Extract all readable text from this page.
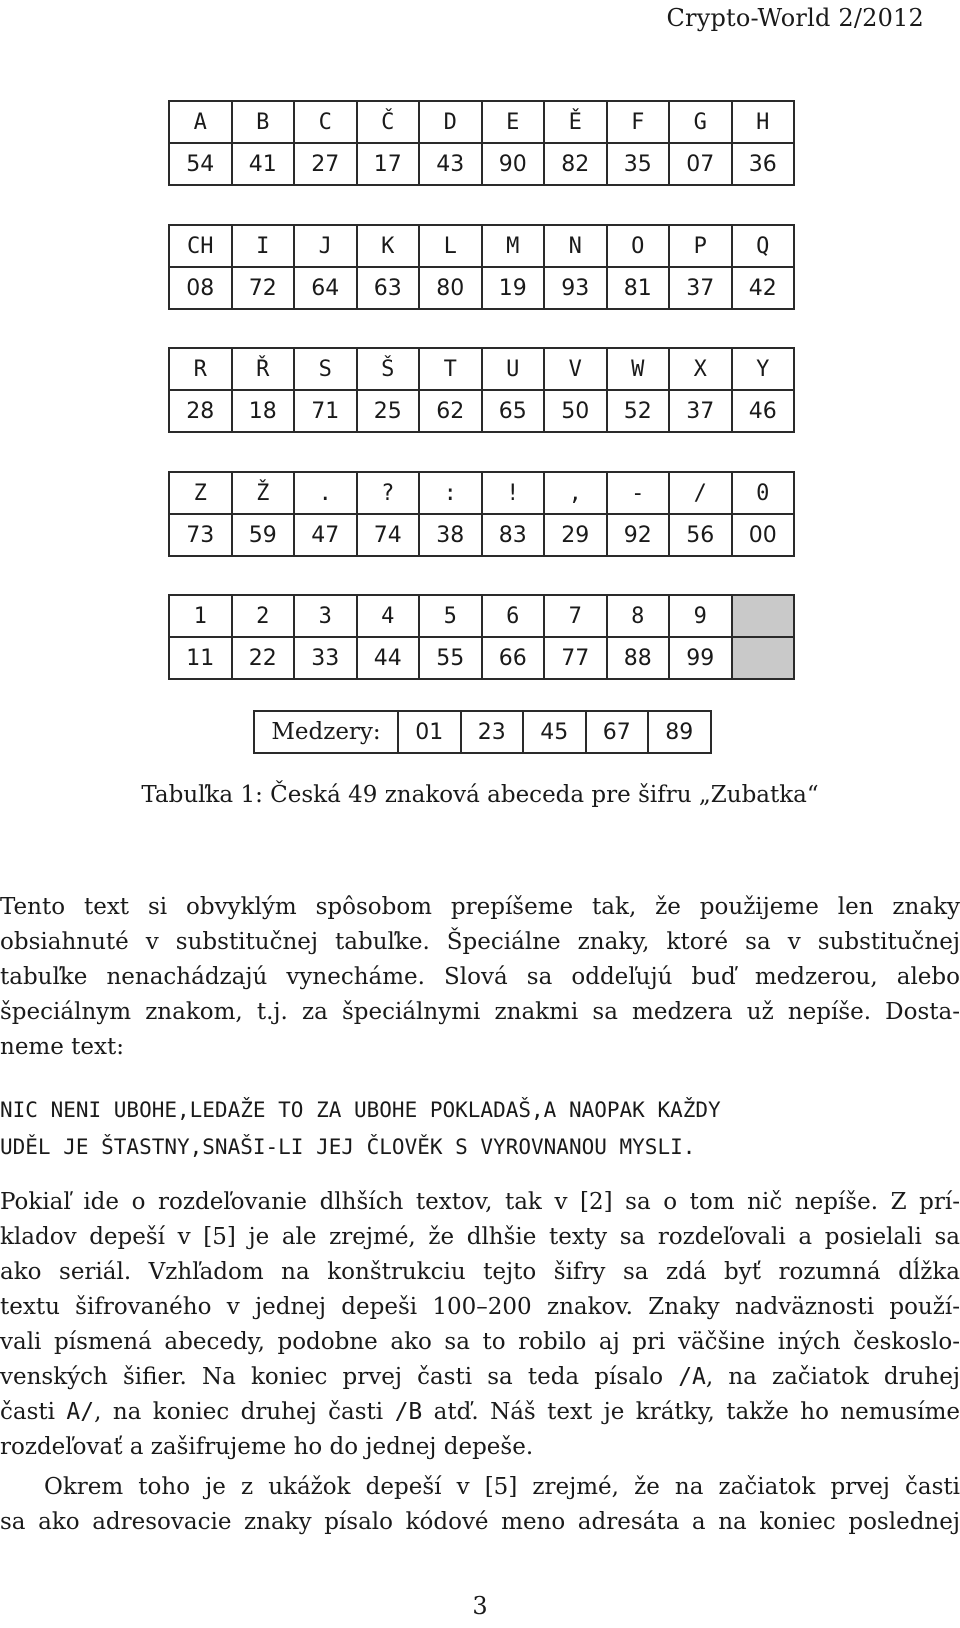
Crypto-World 2/2012
A	B	C	Č	D	E	Ě	F	G	H
54	41	27	17	43	90	82	35	07	36
CH	I	J	K	L	M	N	O	P	Q
08	72	64	63	80	19	93	81	37	42
R	Ř	S	Š	T	U	V	W	X	Y
28	18	71	25	62	65	50	52	37	46
Z	Ž	.	?	:	!	,	-	/	0
73	59	47	74	38	83	29	92	56	00
1	2	3	4	5	6	7	8	9	
11	22	33	44	55	66	77	88	99	
Medzery:	01	23	45	67	89
Tabuľka 1: Česká 49 znaková abeceda pre šifru „Zubatka“
Tento text si obvyklým spôsobom prepíšeme tak, že použijeme len znaky
obsiahnuté v substitučnej tabuľke. Špeciálne znaky, ktoré sa v substitučnej
tabuľke nenachádzajú vynecháme. Slová sa oddeľujú buď medzerou, alebo
špeciálnym znakom, t.j. za špeciálnymi znakmi sa medzera už nepíše. Dosta-
neme text:
NIC NENI UBOHE,LEDAŽE TO ZA UBOHE POKLADAŠ,A NAOPAK KAŽDY
UDĚL JE ŠTASTNY,SNAŠI-LI JEJ ČLOVĚK S VYROVNANOU MYSLI.
Pokiaľ ide o rozdeľovanie dlhších textov, tak v [2] sa o tom nič nepíše. Z prí-
kladov depeší v [5] je ale zrejmé, že dlhšie texty sa rozdeľovali a posielali sa
ako seriál. Vzhľadom na konštrukciu tejto šifry sa zdá byť rozumná dĺžka
textu šifrovaného v jednej depeši 100–200 znakov. Znaky nadväznosti použí-
vali písmená abecedy, podobne ako sa to robilo aj pri väčšine iných českoslo-
venských šifier. Na koniec prvej časti sa teda písalo /A, na začiatok druhej
časti A/, na koniec druhej časti /B atď. Náš text je krátky, takže ho nemusíme
rozdeľovať a zašifrujeme ho do jednej depeše.
Okrem toho je z ukážok depeší v [5] zrejmé, že na začiatok prvej časti
sa ako adresovacie znaky písalo kódové meno adresáta a na koniec poslednej
3
